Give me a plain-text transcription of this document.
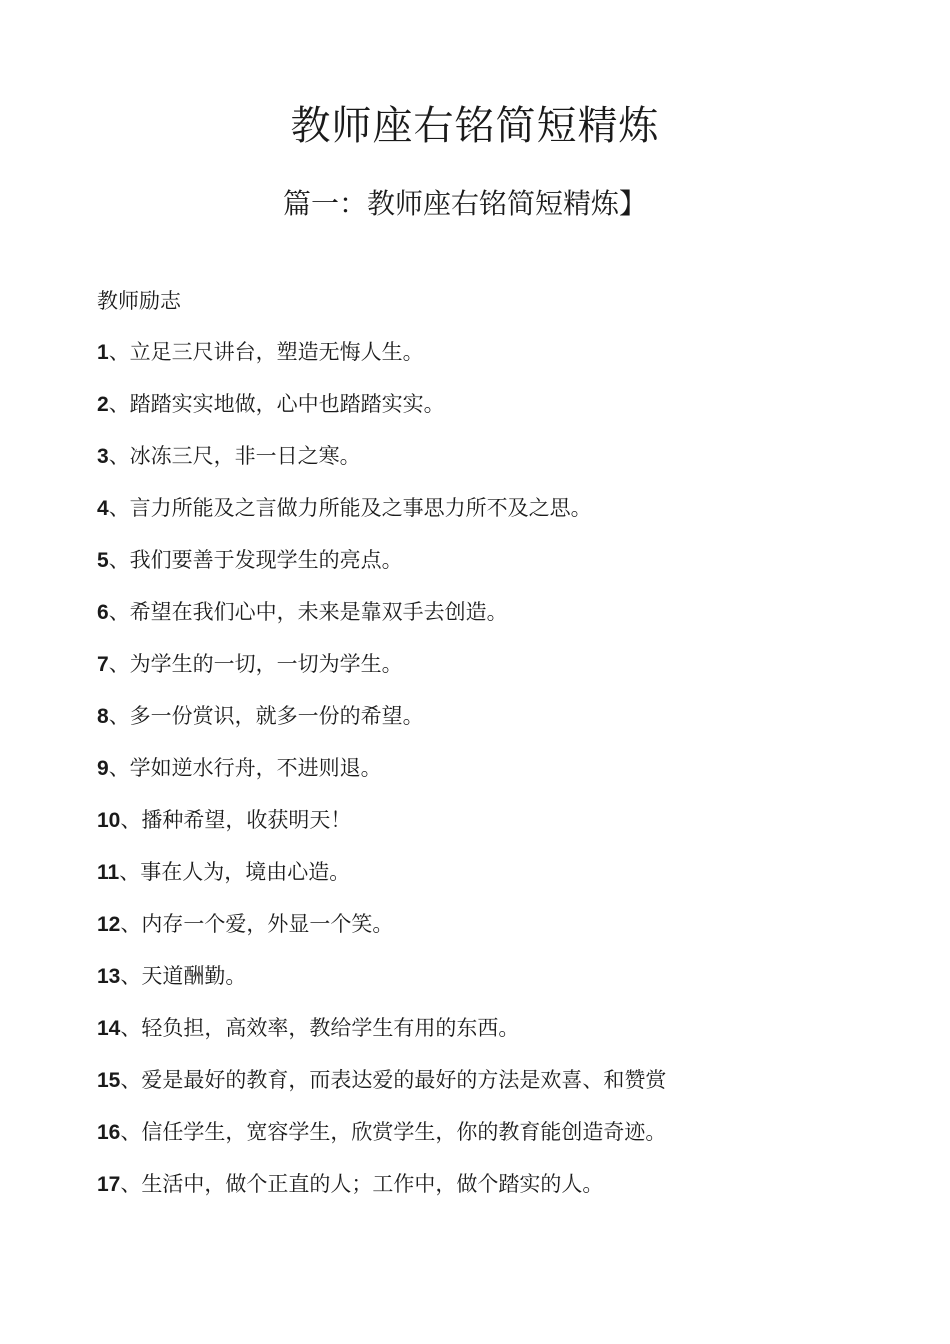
教师座右铭简短精炼
篇一：教师座右铭简短精炼】

教师励志

1、立足三尺讲台，塑造无悔人生。
2、踏踏实实地做，心中也踏踏实实。
3、冰冻三尺，非一日之寒。
4、言力所能及之言做力所能及之事思力所不及之思。
5、我们要善于发现学生的亮点。
6、希望在我们心中，未来是靠双手去创造。
7、为学生的一切，一切为学生。
8、多一份赏识，就多一份的希望。
9、学如逆水行舟，不进则退。
10、播种希望，收获明天！
11、事在人为，境由心造。
12、内存一个爱，外显一个笑。
13、天道酬勤。
14、轻负担，高效率，教给学生有用的东西。
15、爱是最好的教育，而表达爱的最好的方法是欢喜、和赞赏
16、信任学生，宽容学生，欣赏学生，你的教育能创造奇迹。
17、生活中，做个正直的人；工作中，做个踏实的人。
